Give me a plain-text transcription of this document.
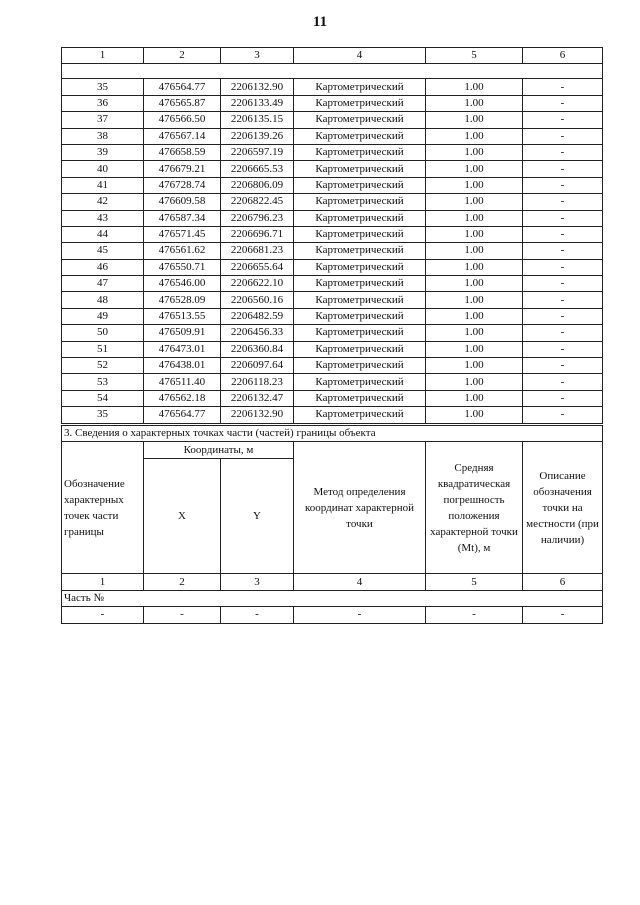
11
1	2	3	4	5	6

35	476564.77	2206132.90	Картометрический	1.00	-
36	476565.87	2206133.49	Картометрический	1.00	-
37	476566.50	2206135.15	Картометрический	1.00	-
38	476567.14	2206139.26	Картометрический	1.00	-
39	476658.59	2206597.19	Картометрический	1.00	-
40	476679.21	2206665.53	Картометрический	1.00	-
41	476728.74	2206806.09	Картометрический	1.00	-
42	476609.58	2206822.45	Картометрический	1.00	-
43	476587.34	2206796.23	Картометрический	1.00	-
44	476571.45	2206696.71	Картометрический	1.00	-
45	476561.62	2206681.23	Картометрический	1.00	-
46	476550.71	2206655.64	Картометрический	1.00	-
47	476546.00	2206622.10	Картометрический	1.00	-
48	476528.09	2206560.16	Картометрический	1.00	-
49	476513.55	2206482.59	Картометрический	1.00	-
50	476509.91	2206456.33	Картометрический	1.00	-
51	476473.01	2206360.84	Картометрический	1.00	-
52	476438.01	2206097.64	Картометрический	1.00	-
53	476511.40	2206118.23	Картометрический	1.00	-
54	476562.18	2206132.47	Картометрический	1.00	-
35	476564.77	2206132.90	Картометрический	1.00	-
3. Сведения о характерных точках части (частей) границы объекта					
Обозначение характерных точек части границы	Координаты, м		Метод определения координат характерной точки	Средняя квадратическая погрешность положения характерной точки (Mt), м	Описание обозначения точки на местности (при наличии)
	X	Y			
1	2	3	4	5	6
Часть №					
-	-	-	-	-	-
